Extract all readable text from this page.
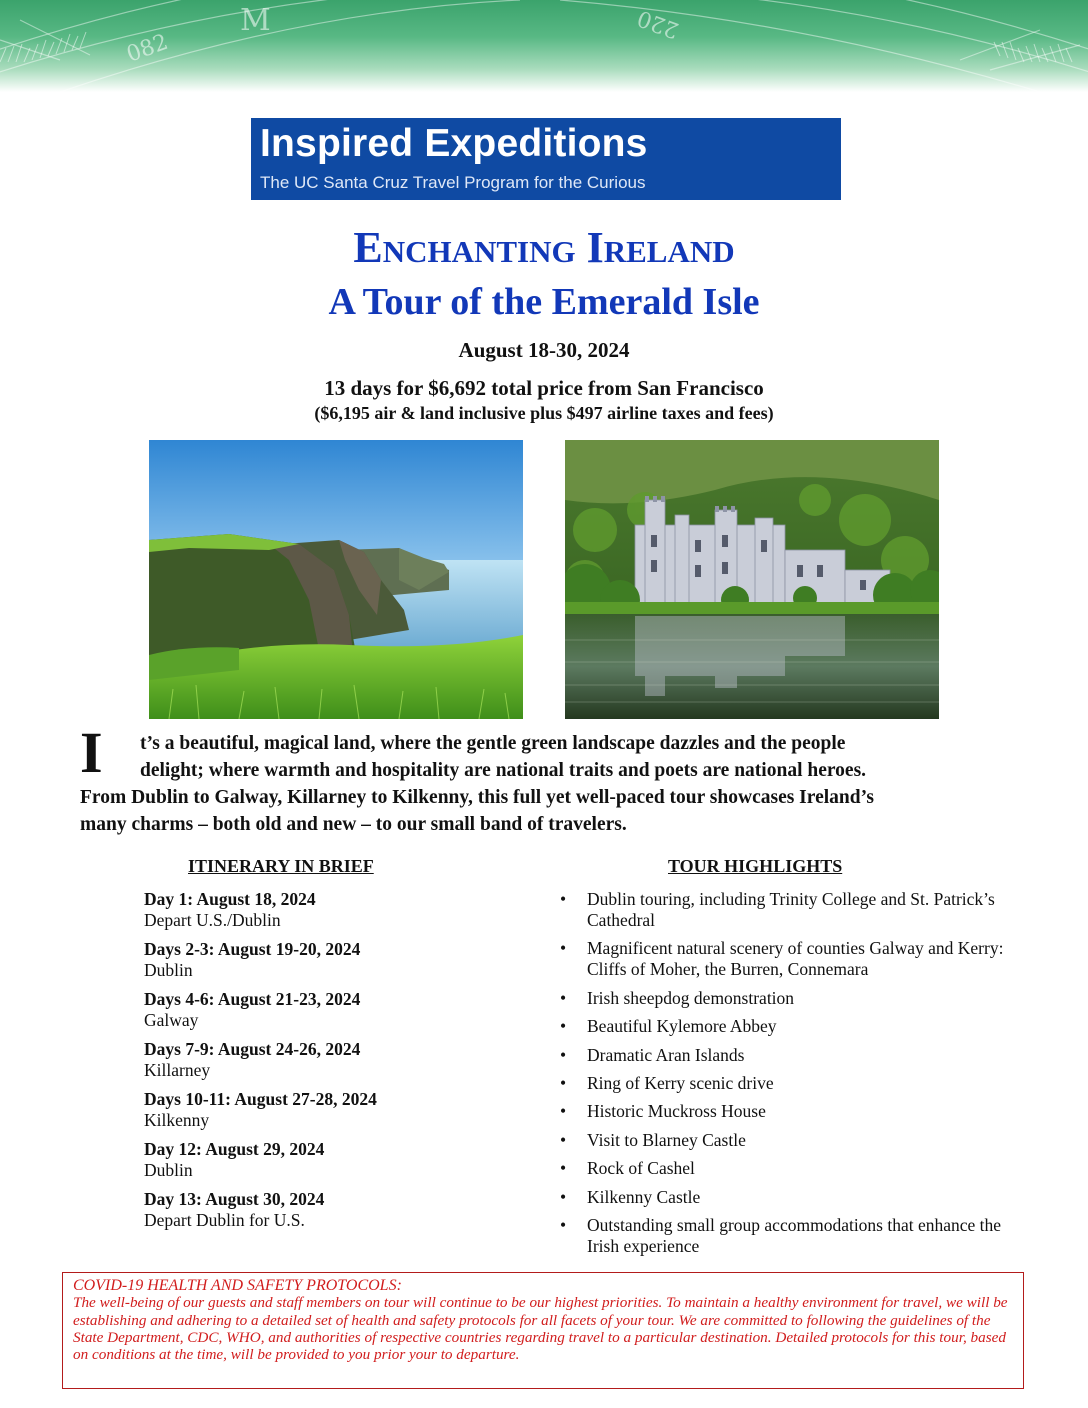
082
220
M
Inspired Expeditions
The UC Santa Cruz Travel Program for the Curious
Enchanting Ireland
A Tour of the Emerald Isle
August 18-30, 2024
13 days for $6,692 total price from San Francisco
($6,195 air & land inclusive plus $497 airline taxes and fees)
I	t’s a beautiful, magical land, where the gentle green landscape dazzles and the people
delight; where warmth and hospitality are national traits and poets are national heroes.
From Dublin to Galway, Killarney to Kilkenny, this full yet well-paced tour showcases Ireland’s
many charms – both old and new – to our small band of travelers.
ITINERARY IN BRIEF
Day 1: August 18, 2024
Depart U.S./Dublin
Days 2-3: August 19-20, 2024
Dublin
Days 4-6: August 21-23, 2024
Galway
Days 7-9: August 24-26, 2024
Killarney
Days 10-11: August 27-28, 2024
Kilkenny
Day 12: August 29, 2024
Dublin
Day 13: August 30, 2024
Depart Dublin for U.S.
TOUR HIGHLIGHTS
• Dublin touring, including Trinity College and St. Patrick’s Cathedral
• Magnificent natural scenery of counties Galway and Kerry: Cliffs of Moher, the Burren, Connemara
• Irish sheepdog demonstration
• Beautiful Kylemore Abbey
• Dramatic Aran Islands
• Ring of Kerry scenic drive
• Historic Muckross House
• Visit to Blarney Castle
• Rock of Cashel
• Kilkenny Castle
• Outstanding small group accommodations that enhance the Irish experience
COVID-19 HEALTH AND SAFETY PROTOCOLS:
The well-being of our guests and staff members on tour will continue to be our highest priorities. To maintain a healthy environment for travel, we will be establishing and adhering to a detailed set of health and safety protocols for all facets of your tour. We are committed to following the guidelines of the State Department, CDC, WHO, and authorities of respective countries regarding travel to a particular destination. Detailed protocols for this tour, based on conditions at the time, will be provided to you prior your to departure.
